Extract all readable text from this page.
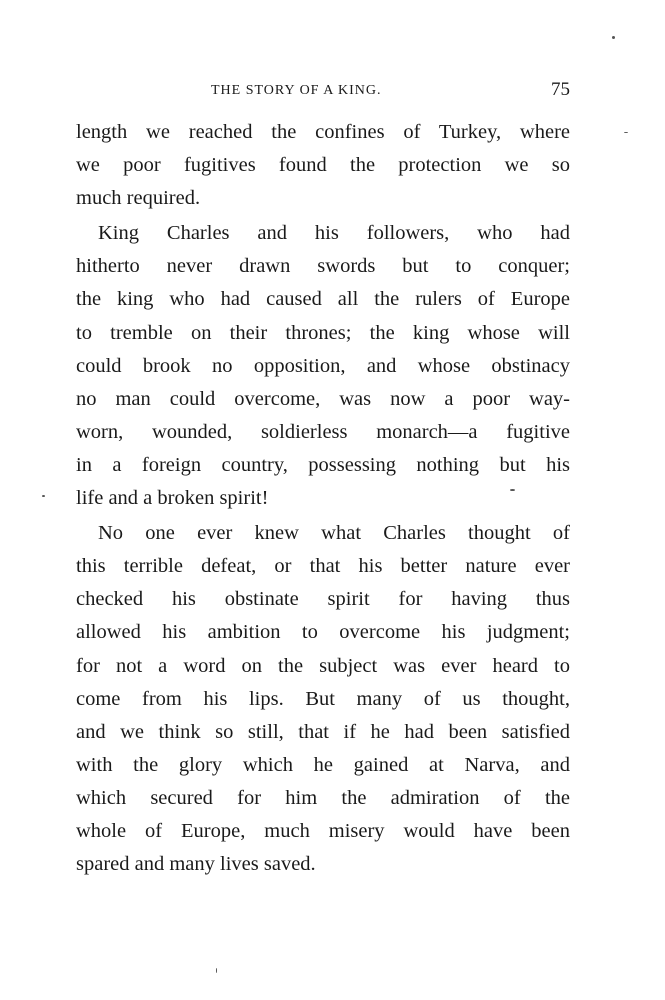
THE STORY OF A KING.	75
length we reached the confines of Turkey, where
we poor fugitives found the protection we so
much required.
King Charles and his followers, who had
hitherto never drawn swords but to conquer;
the king who had caused all the rulers of Europe
to tremble on their thrones; the king whose will
could brook no opposition, and whose obstinacy
no man could overcome, was now a poor way-
worn, wounded, soldierless monarch—a fugitive
in a foreign country, possessing nothing but his
life and a broken spirit!
No one ever knew what Charles thought of
this terrible defeat, or that his better nature ever
checked his obstinate spirit for having thus
allowed his ambition to overcome his judgment;
for not a word on the subject was ever heard to
come from his lips. But many of us thought,
and we think so still, that if he had been satisfied
with the glory which he gained at Narva, and
which secured for him the admiration of the
whole of Europe, much misery would have been
spared and many lives saved.
